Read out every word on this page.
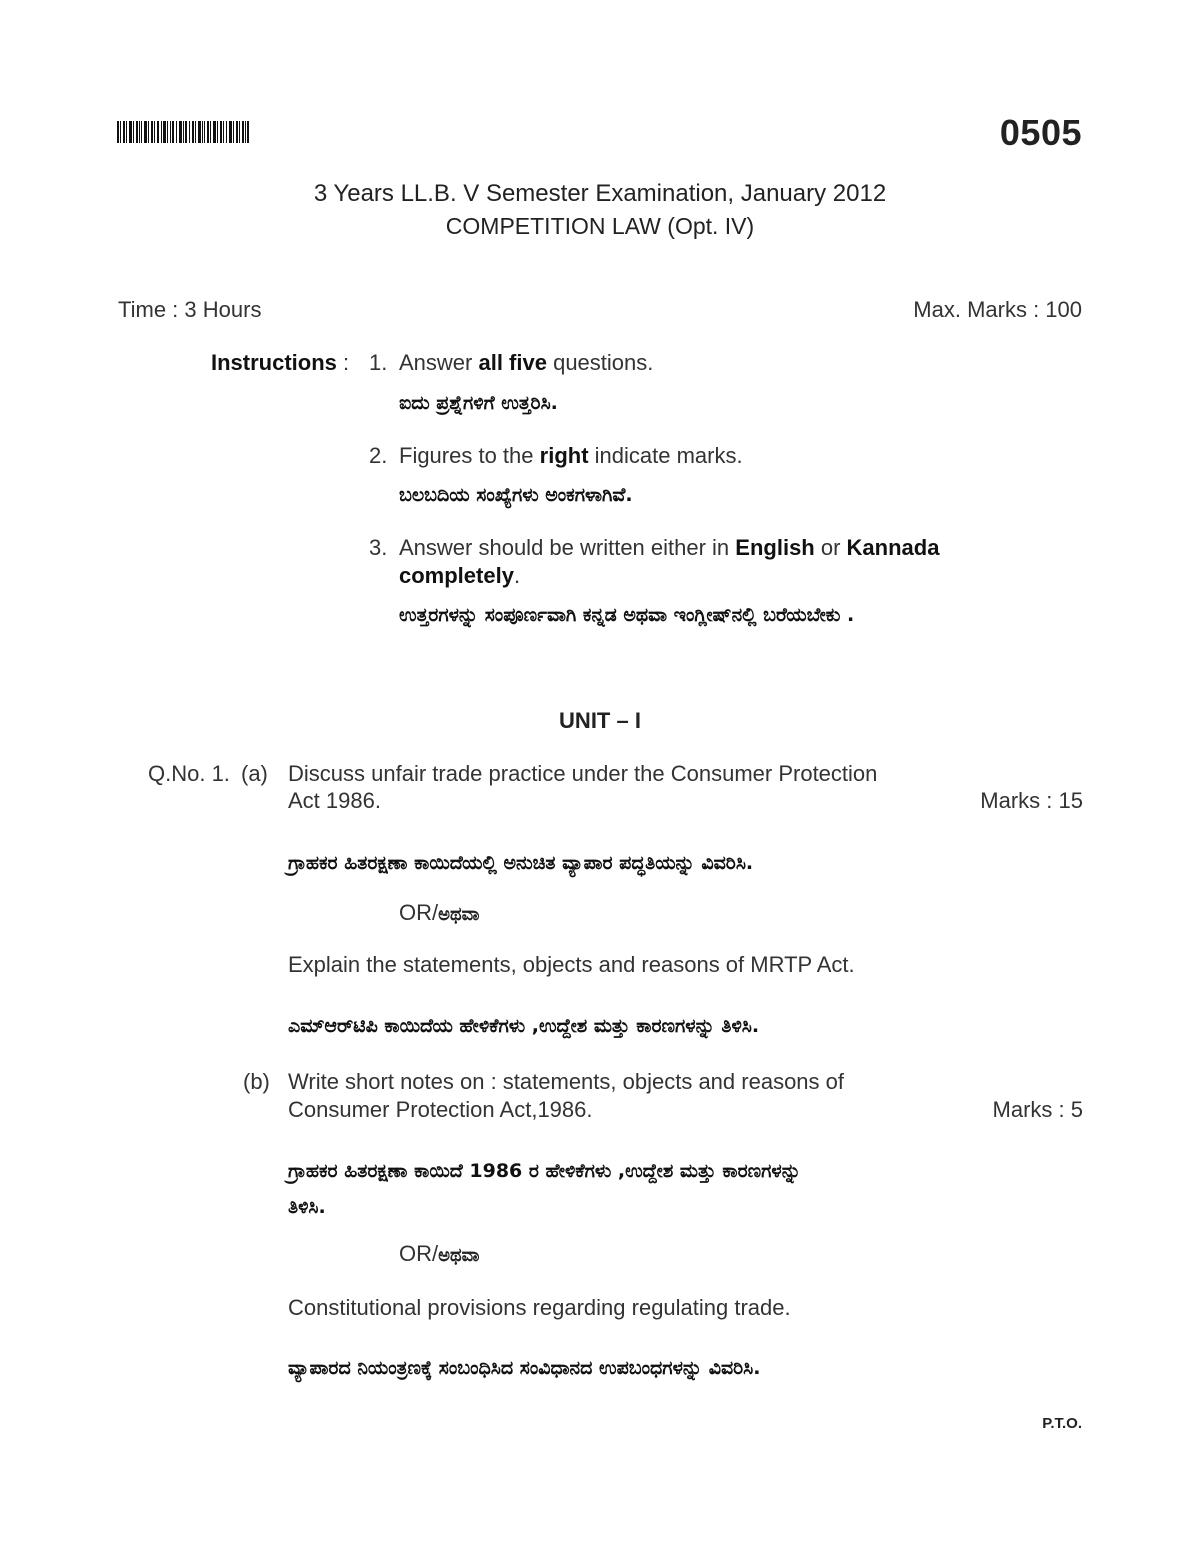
0505
3 Years LL.B. V Semester Examination, January 2012
COMPETITION LAW (Opt. IV)
Time : 3 Hours	Max. Marks : 100
Instructions : 1. Answer all five questions.
ಐದು ಪ್ರಶ್ನೆಗಳಿಗೆ ಉತ್ತರಿಸಿ.
2. Figures to the right indicate marks.
ಬಲಬದಿಯ ಸಂಖ್ಯೆಗಳು ಅಂಕಗಳಾಗಿವೆ.
3. Answer should be written either in English or Kannada
completely.
ಉತ್ತರಗಳನ್ನು ಸಂಪೂರ್ಣವಾಗಿ ಕನ್ನಡ ಅಥವಾ ಇಂಗ್ಲೀಷ್‌ನಲ್ಲಿ ಬರೆಯಬೇಕು .
UNIT – I
Q.No. 1. (a) Discuss unfair trade practice under the Consumer Protection
Act 1986.	Marks : 15
ಗ್ರಾಹಕರ ಹಿತರಕ್ಷಣಾ ಕಾಯಿದೆಯಲ್ಲಿ ಅನುಚಿತ ವ್ಯಾಪಾರ ಪದ್ಧತಿಯನ್ನು ವಿವರಿಸಿ.
OR/ಅಥವಾ
Explain the statements, objects and reasons of MRTP Act.
ಎಮ್‌ಆರ್‌ಟಿಪಿ ಕಾಯಿದೆಯ ಹೇಳಿಕೆಗಳು ,ಉದ್ದೇಶ ಮತ್ತು ಕಾರಣಗಳನ್ನು ತಿಳಿಸಿ.
(b) Write short notes on : statements, objects and reasons of
Consumer Protection Act,1986.	Marks : 5
ಗ್ರಾಹಕರ ಹಿತರಕ್ಷಣಾ ಕಾಯಿದೆ 1986 ರ ಹೇಳಿಕೆಗಳು ,ಉದ್ದೇಶ ಮತ್ತು ಕಾರಣಗಳನ್ನು
ತಿಳಿಸಿ.
OR/ಅಥವಾ
Constitutional provisions regarding regulating trade.
ವ್ಯಾಪಾರದ ನಿಯಂತ್ರಣಕ್ಕೆ ಸಂಬಂಧಿಸಿದ ಸಂವಿಧಾನದ ಉಪಬಂಧಗಳನ್ನು ವಿವರಿಸಿ.
P.T.O.
